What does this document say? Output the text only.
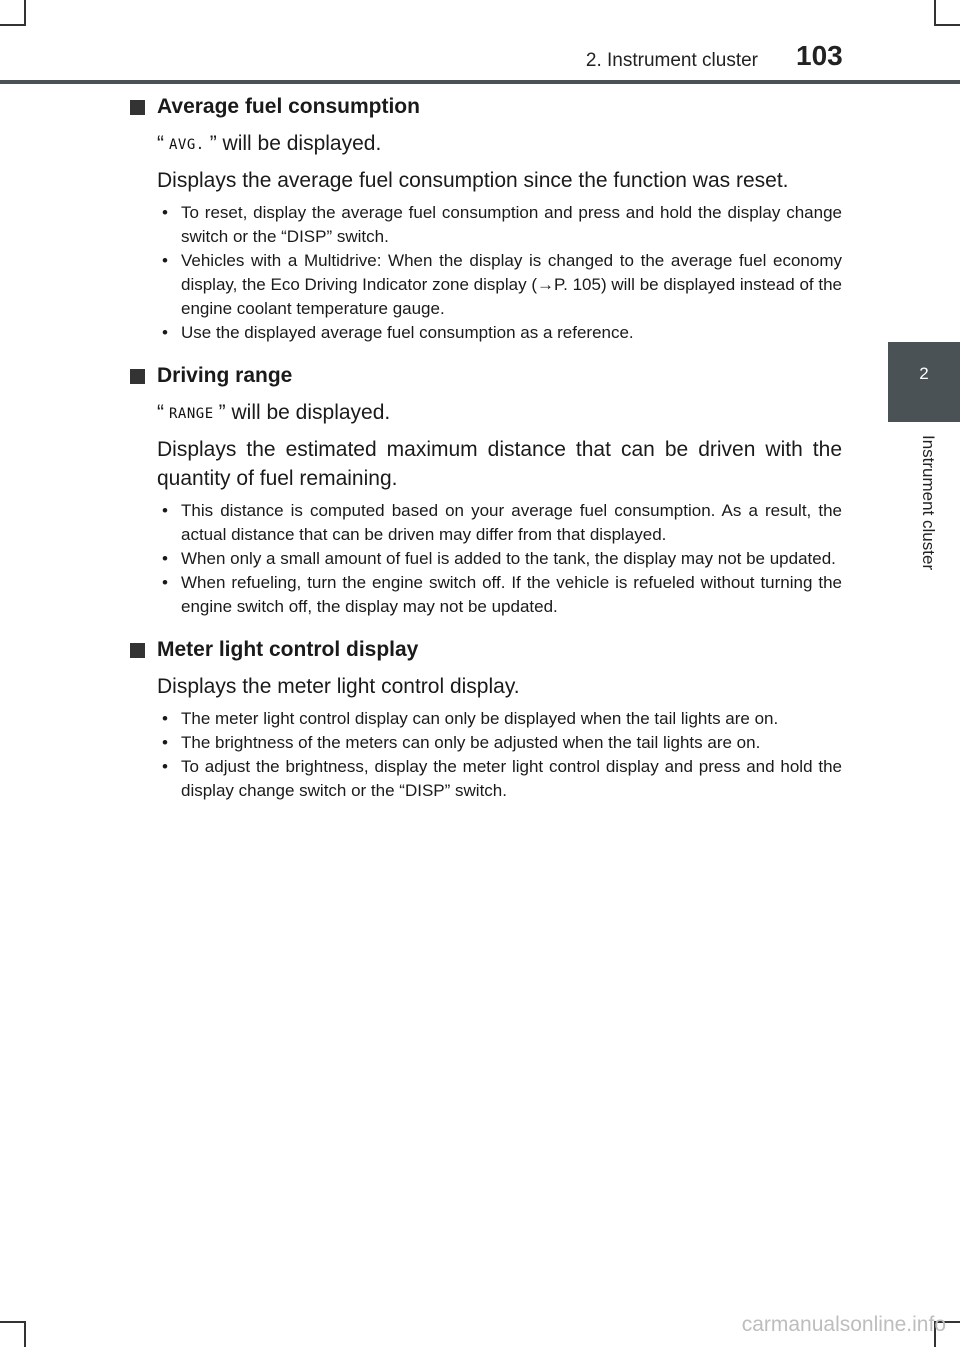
2. Instrument cluster 103
2
Instrument cluster
Average fuel consumption
“ AVG. ” will be displayed.
Displays the average fuel consumption since the function was reset.
• To reset, display the average fuel consumption and press and hold the display change switch or the “DISP” switch.
• Vehicles with a Multidrive: When the display is changed to the average fuel economy display, the Eco Driving Indicator zone display (→P. 105) will be displayed instead of the engine coolant temperature gauge.
• Use the displayed average fuel consumption as a reference.
Driving range
“ RANGE ” will be displayed.
Displays the estimated maximum distance that can be driven with the quantity of fuel remaining.
• This distance is computed based on your average fuel consumption. As a result, the actual distance that can be driven may differ from that displayed.
• When only a small amount of fuel is added to the tank, the display may not be updated.
• When refueling, turn the engine switch off. If the vehicle is refueled without turning the engine switch off, the display may not be updated.
Meter light control display
Displays the meter light control display.
• The meter light control display can only be displayed when the tail lights are on.
• The brightness of the meters can only be adjusted when the tail lights are on.
• To adjust the brightness, display the meter light control display and press and hold the display change switch or the “DISP” switch.
carmanualsonline.info
